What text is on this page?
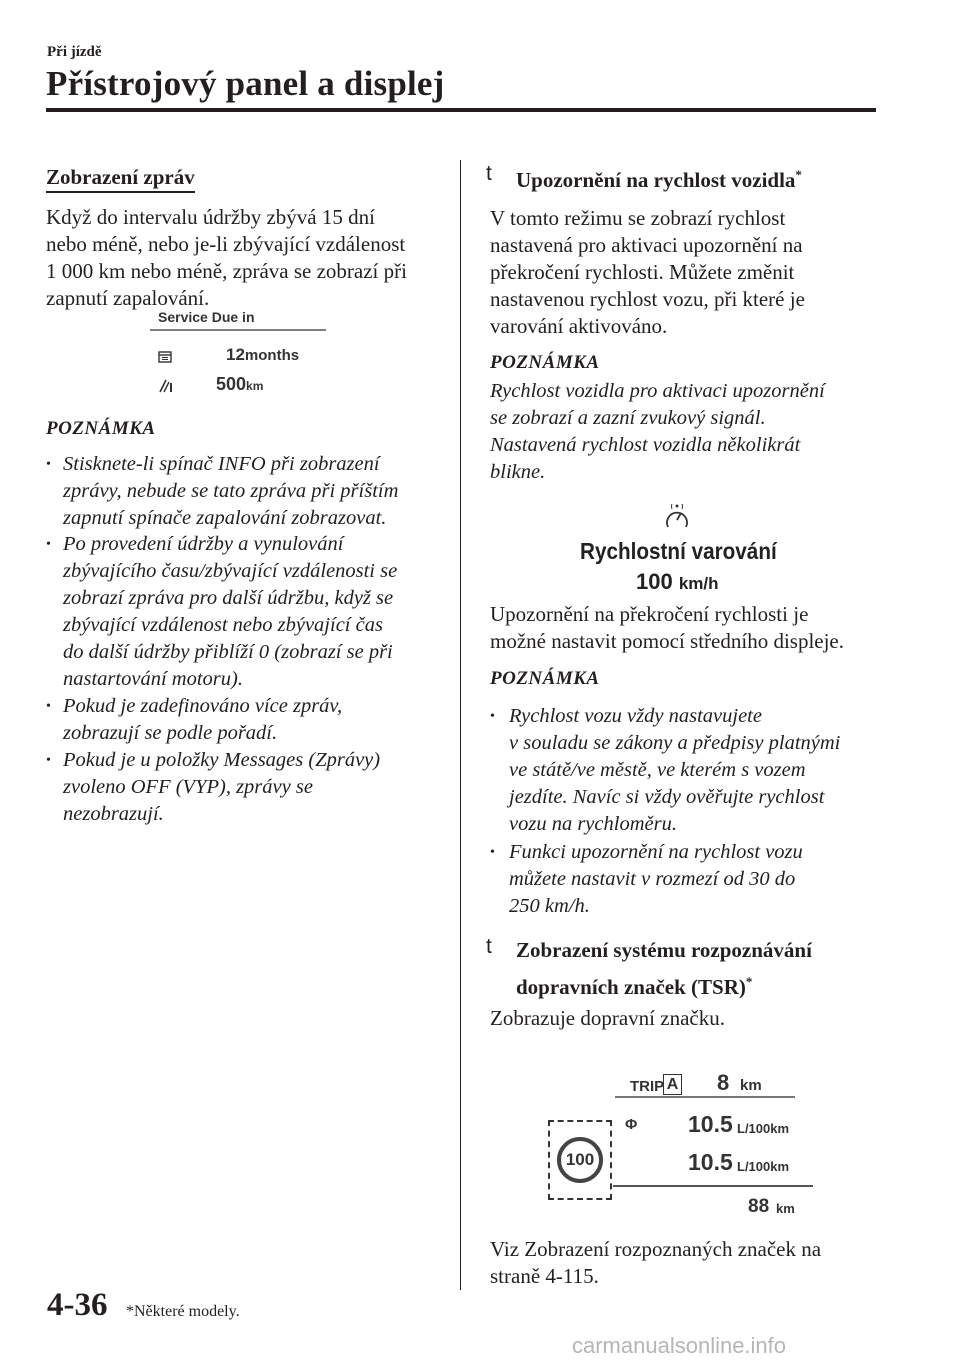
Při jízdě
Přístrojový panel a displej
Zobrazení zpráv
Když do intervalu údržby zbývá 15 dní
nebo méně, nebo je-li zbývající vzdálenost
1 000 km nebo méně, zpráva se zobrazí při
zapnutí zapalování.
Service Due in
12months
500km
POZNÁMKA
• Stisknete-li spínač INFO při zobrazení
zprávy, nebude se tato zpráva při příštím
zapnutí spínače zapalování zobrazovat.
• Po provedení údržby a vynulování
zbývajícího času/zbývající vzdálenosti se
zobrazí zpráva pro další údržbu, když se
zbývající vzdálenost nebo zbývající čas
do další údržby přiblíží 0 (zobrazí se při
nastartování motoru).
• Pokud je zadefinováno více zpráv,
zobrazují se podle pořadí.
• Pokud je u položky Messages (Zprávy)
zvoleno OFF (VYP), zprávy se
nezobrazují.
t Upozornění na rychlost vozidla*
V tomto režimu se zobrazí rychlost
nastavená pro aktivaci upozornění na
překročení rychlosti. Můžete změnit
nastavenou rychlost vozu, při které je
varování aktivováno.
POZNÁMKA
Rychlost vozidla pro aktivaci upozornění
se zobrazí a zazní zvukový signál.
Nastavená rychlost vozidla několikrát
blikne.
Rychlostní varování
100 km/h
Upozornění na překročení rychlosti je
možné nastavit pomocí středního displeje.
POZNÁMKA
• Rychlost vozu vždy nastavujete
v souladu se zákony a předpisy platnými
ve státě/ve městě, ve kterém s vozem
jezdíte. Navíc si vždy ověřujte rychlost
vozu na rychloměru.
• Funkci upozornění na rychlost vozu
můžete nastavit v rozmezí od 30 do
250 km/h.
t Zobrazení systému rozpoznávání
dopravních značek (TSR)*
Zobrazuje dopravní značku.
TRIP A 8 km
100
Φ 10.5 L/100km
10.5 L/100km
88 km
Viz Zobrazení rozpoznaných značek na
straně 4-115.
4-36 *Některé modely.
carmanualsonline.info
